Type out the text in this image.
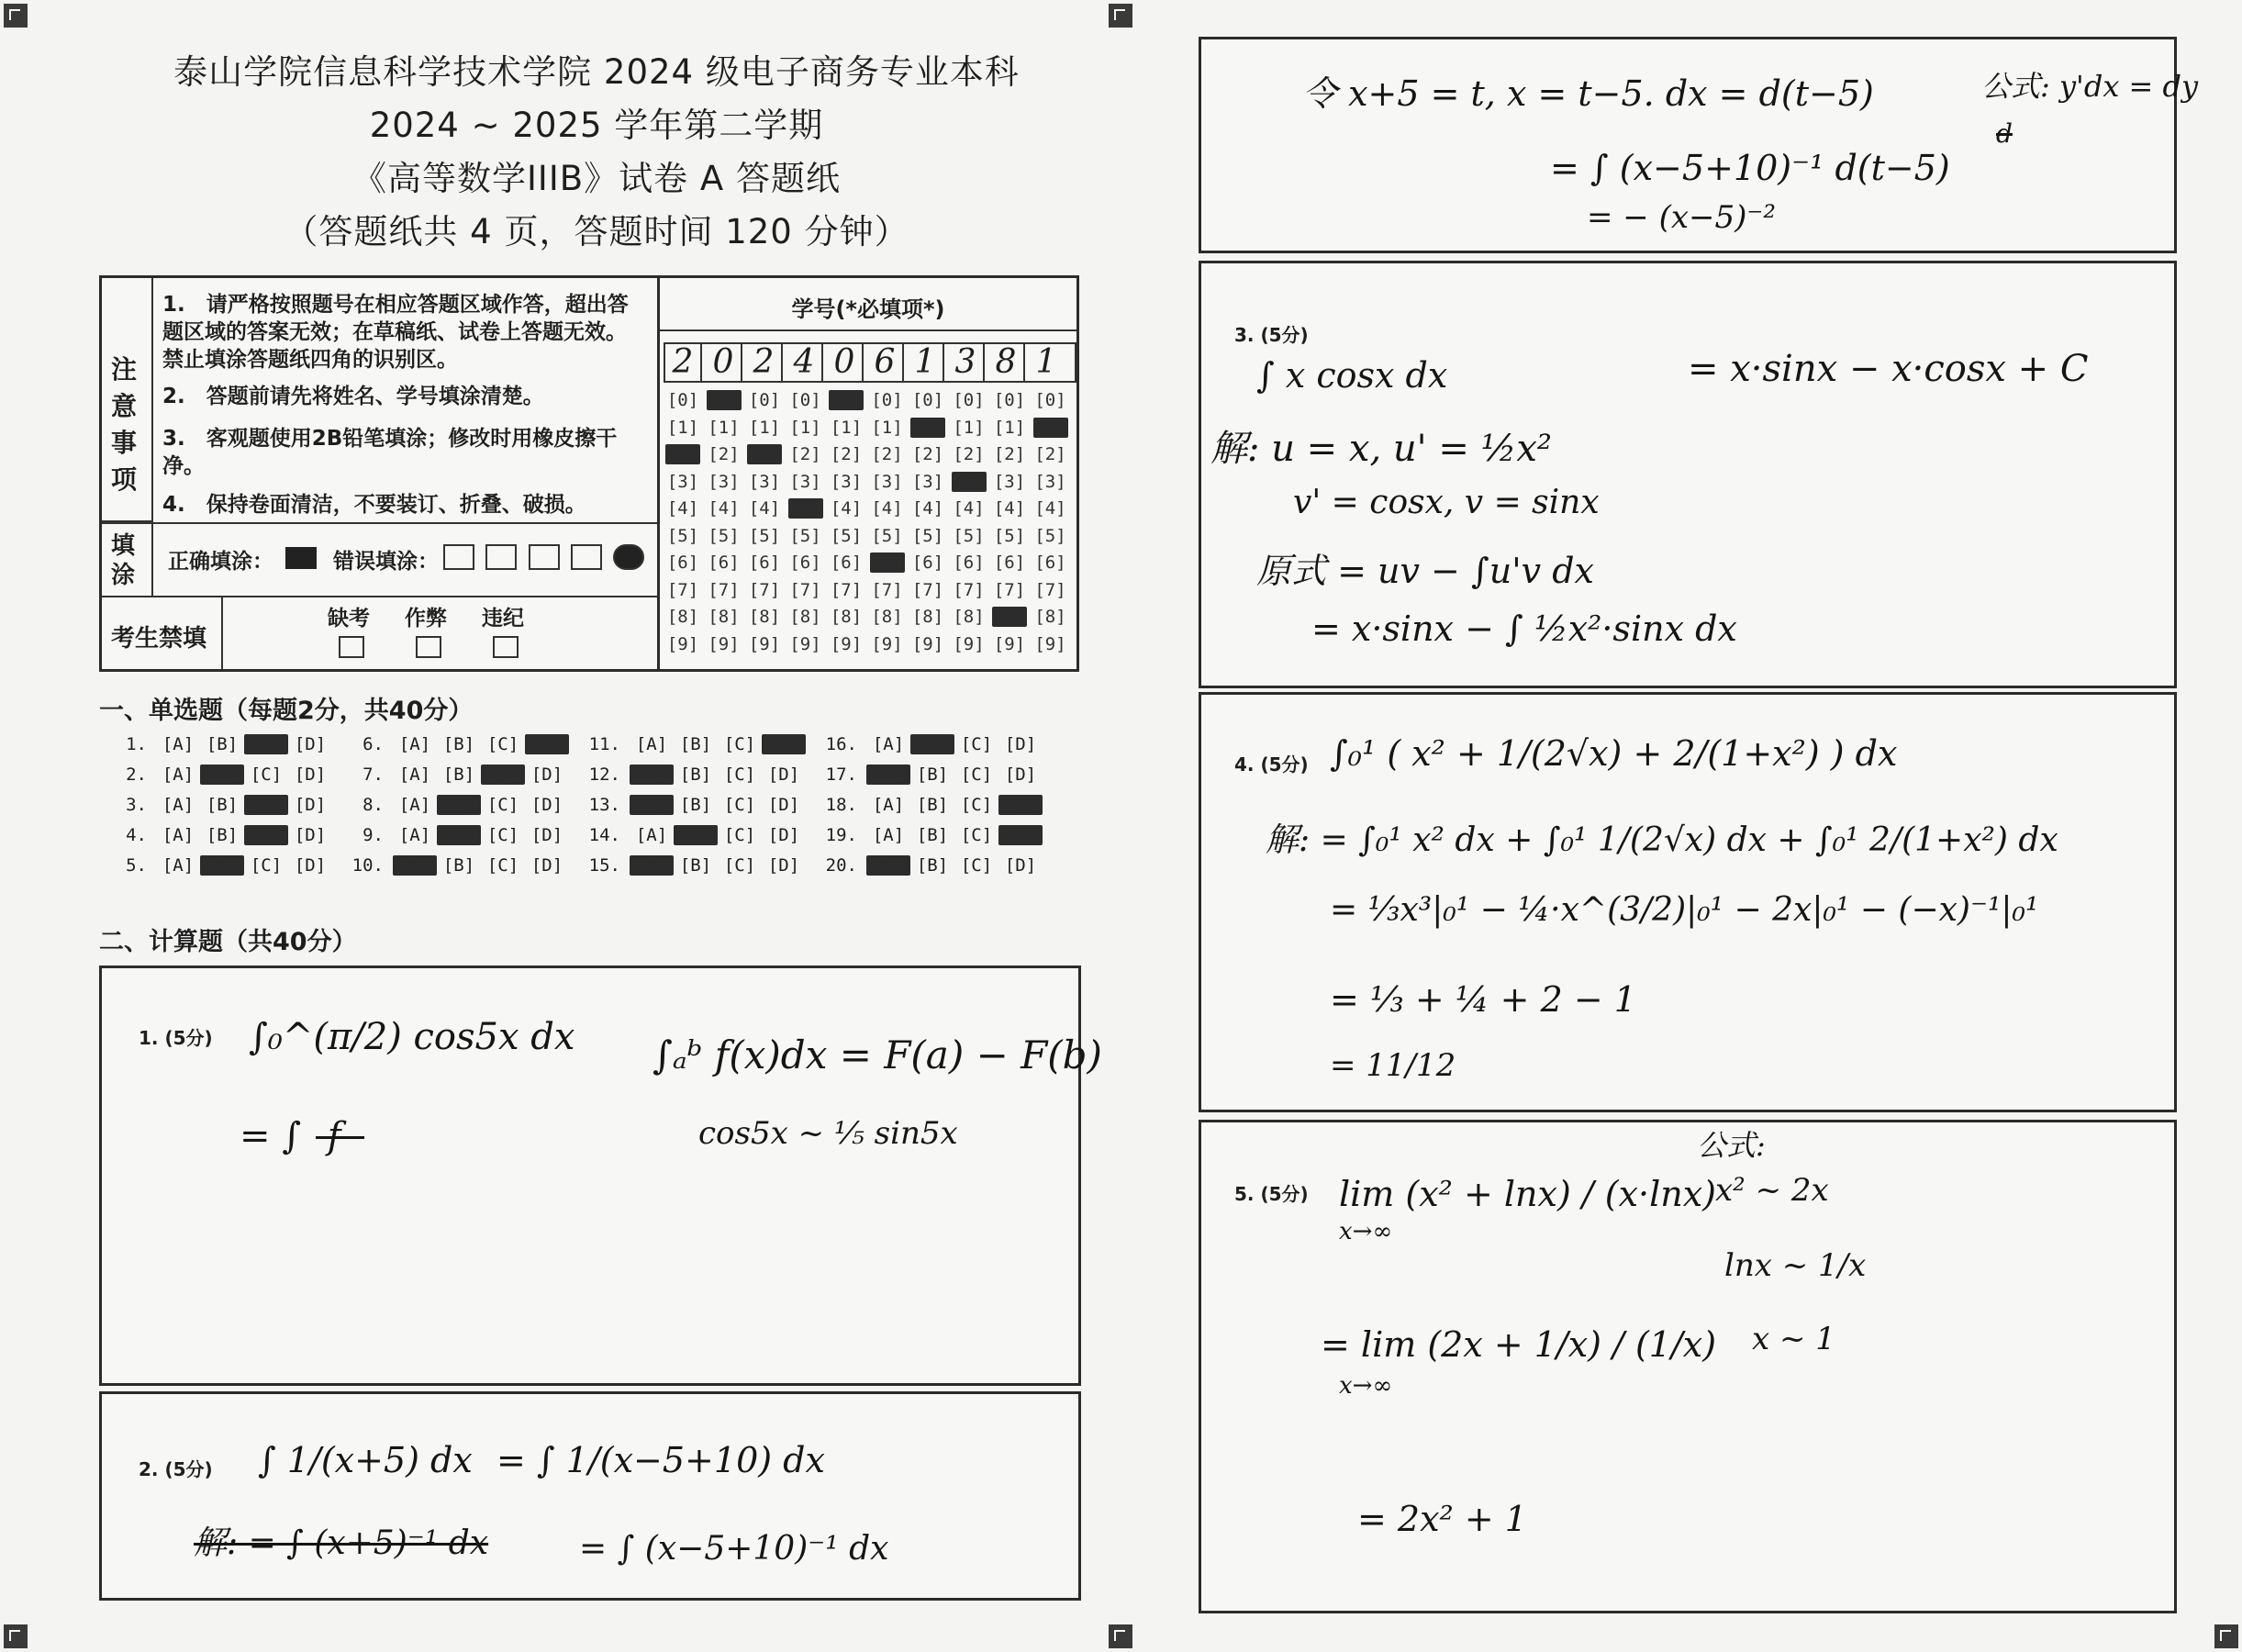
泰山学院信息科学技术学院 2024 级电子商务专业本科
2024 ~ 2025 学年第二学期
《高等数学IIIB》试卷 A 答题纸
（答题纸共 4 页，答题时间 120 分钟）
注意事项
1.　请严格按照题号在相应答题区域作答，超出答题区域的答案无效；在草稿纸、试卷上答题无效。禁止填涂答题纸四角的识别区。
2.　答题前请先将姓名、学号填涂清楚。
3.　客观题使用2B铅笔填涂；修改时用橡皮擦干净。
4.　保持卷面清洁，不要装订、折叠、破损。
填涂 正确填涂：	错误填涂：

考生禁填
缺考 作弊 违纪
学号(*必填项*)
2 0 2 4 0 6 1 3 8 1
[0] [0] [0] [0] [0] [0] [0] [0] [0] [0]
[1] [1] [1] [1] [1] [1] [1] [1] [1] [1]
[2] [2] [2] [2] [2] [2] [2] [2] [2] [2]
[3] [3] [3] [3] [3] [3] [3] [3] [3] [3]
[4] [4] [4] [4] [4] [4] [4] [4] [4] [4]
[5] [5] [5] [5] [5] [5] [5] [5] [5] [5]
[6] [6] [6] [6] [6] [6] [6] [6] [6] [6]
[7] [7] [7] [7] [7] [7] [7] [7] [7] [7]
[8] [8] [8] [8] [8] [8] [8] [8] [8] [8]
[9] [9] [9] [9] [9] [9] [9] [9] [9] [9]
一、单选题（每题2分，共40分）
1. [A] [B] [C] [D]
2. [A] [B] [C] [D]
3. [A] [B] [C] [D]
4. [A] [B] [C] [D]
5. [A] [B] [C] [D]
6. [A] [B] [C] [D]
7. [A] [B] [C] [D]
8. [A] [B] [C] [D]
9. [A] [B] [C] [D]
10. [A] [B] [C] [D]
11. [A] [B] [C] [D]
12. [A] [B] [C] [D]
13. [A] [B] [C] [D]
14. [A] [B] [C] [D]
15. [A] [B] [C] [D]
16. [A] [B] [C] [D]
17. [A] [B] [C] [D]
18. [A] [B] [C] [D]
19. [A] [B] [C] [D]
20. [A] [B] [C] [D]
二、计算题（共40分）
1. (5分) ∫₀^(π/2) cos5x dx
= ∫ f
∫ₐᵇ f(x)dx = F(a) − F(b)
cos5x ~ ⅕ sin5x
2. (5分) ∫ 1/(x+5) dx = ∫ 1/(x−5+10) dx
解: = ∫ (x+5)⁻¹ dx	= ∫ (x−5+10)⁻¹ dx
令 x+5 = t, x = t−5. dx = d(t−5)
= ∫ (x−5+10)⁻¹ d(t−5)
= − (x−5)⁻²
公式: y'dx = dy
d
3. (5分)
∫ x cosx dx	= x·sinx − x·cosx + C
解: u = x, u' = ½x²
v' = cosx, v = sinx
原式 = uv − ∫u'v dx
= x·sinx − ∫ ½x²·sinx dx
4. (5分) ∫₀¹ ( x² + 1/(2√x) + 2/(1+x²) ) dx
解: = ∫₀¹ x² dx + ∫₀¹ 1/(2√x) dx + ∫₀¹ 2/(1+x²) dx
= ⅓x³|₀¹ − ¼·x^(3/2)|₀¹ − 2x|₀¹ − (−x)⁻¹|₀¹
= ⅓ + ¼ + 2 − 1
= 11/12
5. (5分) lim (x² + lnx) / (x·lnx)
x→∞
= lim (2x + 1/x) / (1/x)
x→∞
= 2x² + 1
公式:
x² ~ 2x
lnx ~ 1/x
x ~ 1
